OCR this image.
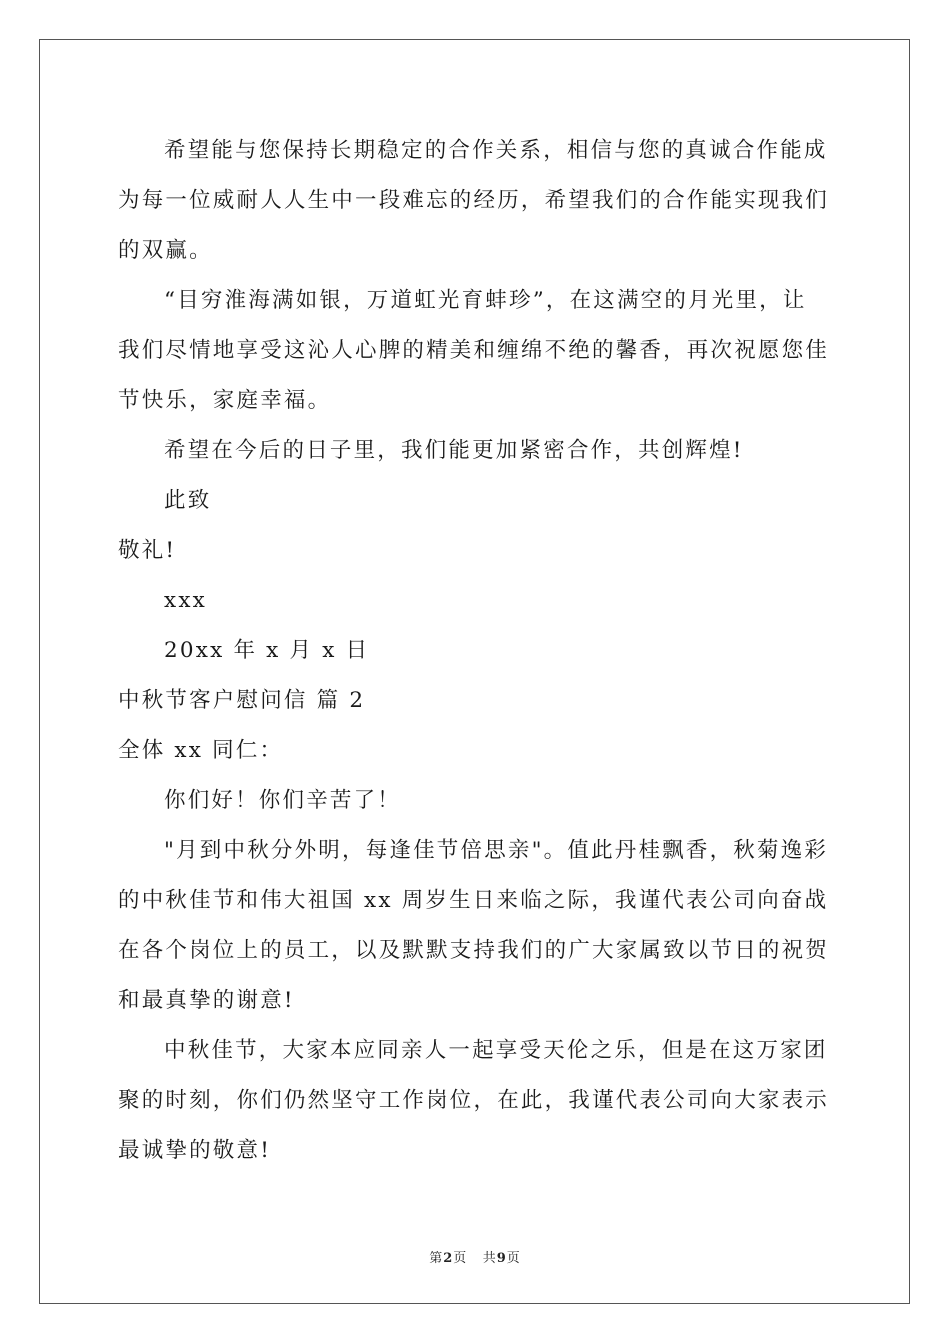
希望能与您保持长期稳定的合作关系，相信与您的真诚合作能成

为每一位威耐人人生中一段难忘的经历，希望我们的合作能实现我们

的双赢。

“目穷淮海满如银，万道虹光育蚌珍”，在这满空的月光里，让

我们尽情地享受这沁人心脾的精美和缠绵不绝的馨香，再次祝愿您佳

节快乐，家庭幸福。

希望在今后的日子里，我们能更加紧密合作，共创辉煌!

此致

敬礼!

xxx

20xx 年 x 月 x 日

中秋节客户慰问信 篇 2

全体 xx 同仁：

你们好！你们辛苦了！

"月到中秋分外明，每逢佳节倍思亲"。值此丹桂飘香，秋菊逸彩

的中秋佳节和伟大祖国 xx 周岁生日来临之际，我谨代表公司向奋战

在各个岗位上的员工，以及默默支持我们的广大家属致以节日的祝贺

和最真挚的谢意!

中秋佳节，大家本应同亲人一起享受天伦之乐，但是在这万家团

聚的时刻，你们仍然坚守工作岗位，在此，我谨代表公司向大家表示

最诚挚的敬意!

第2页 共9页
